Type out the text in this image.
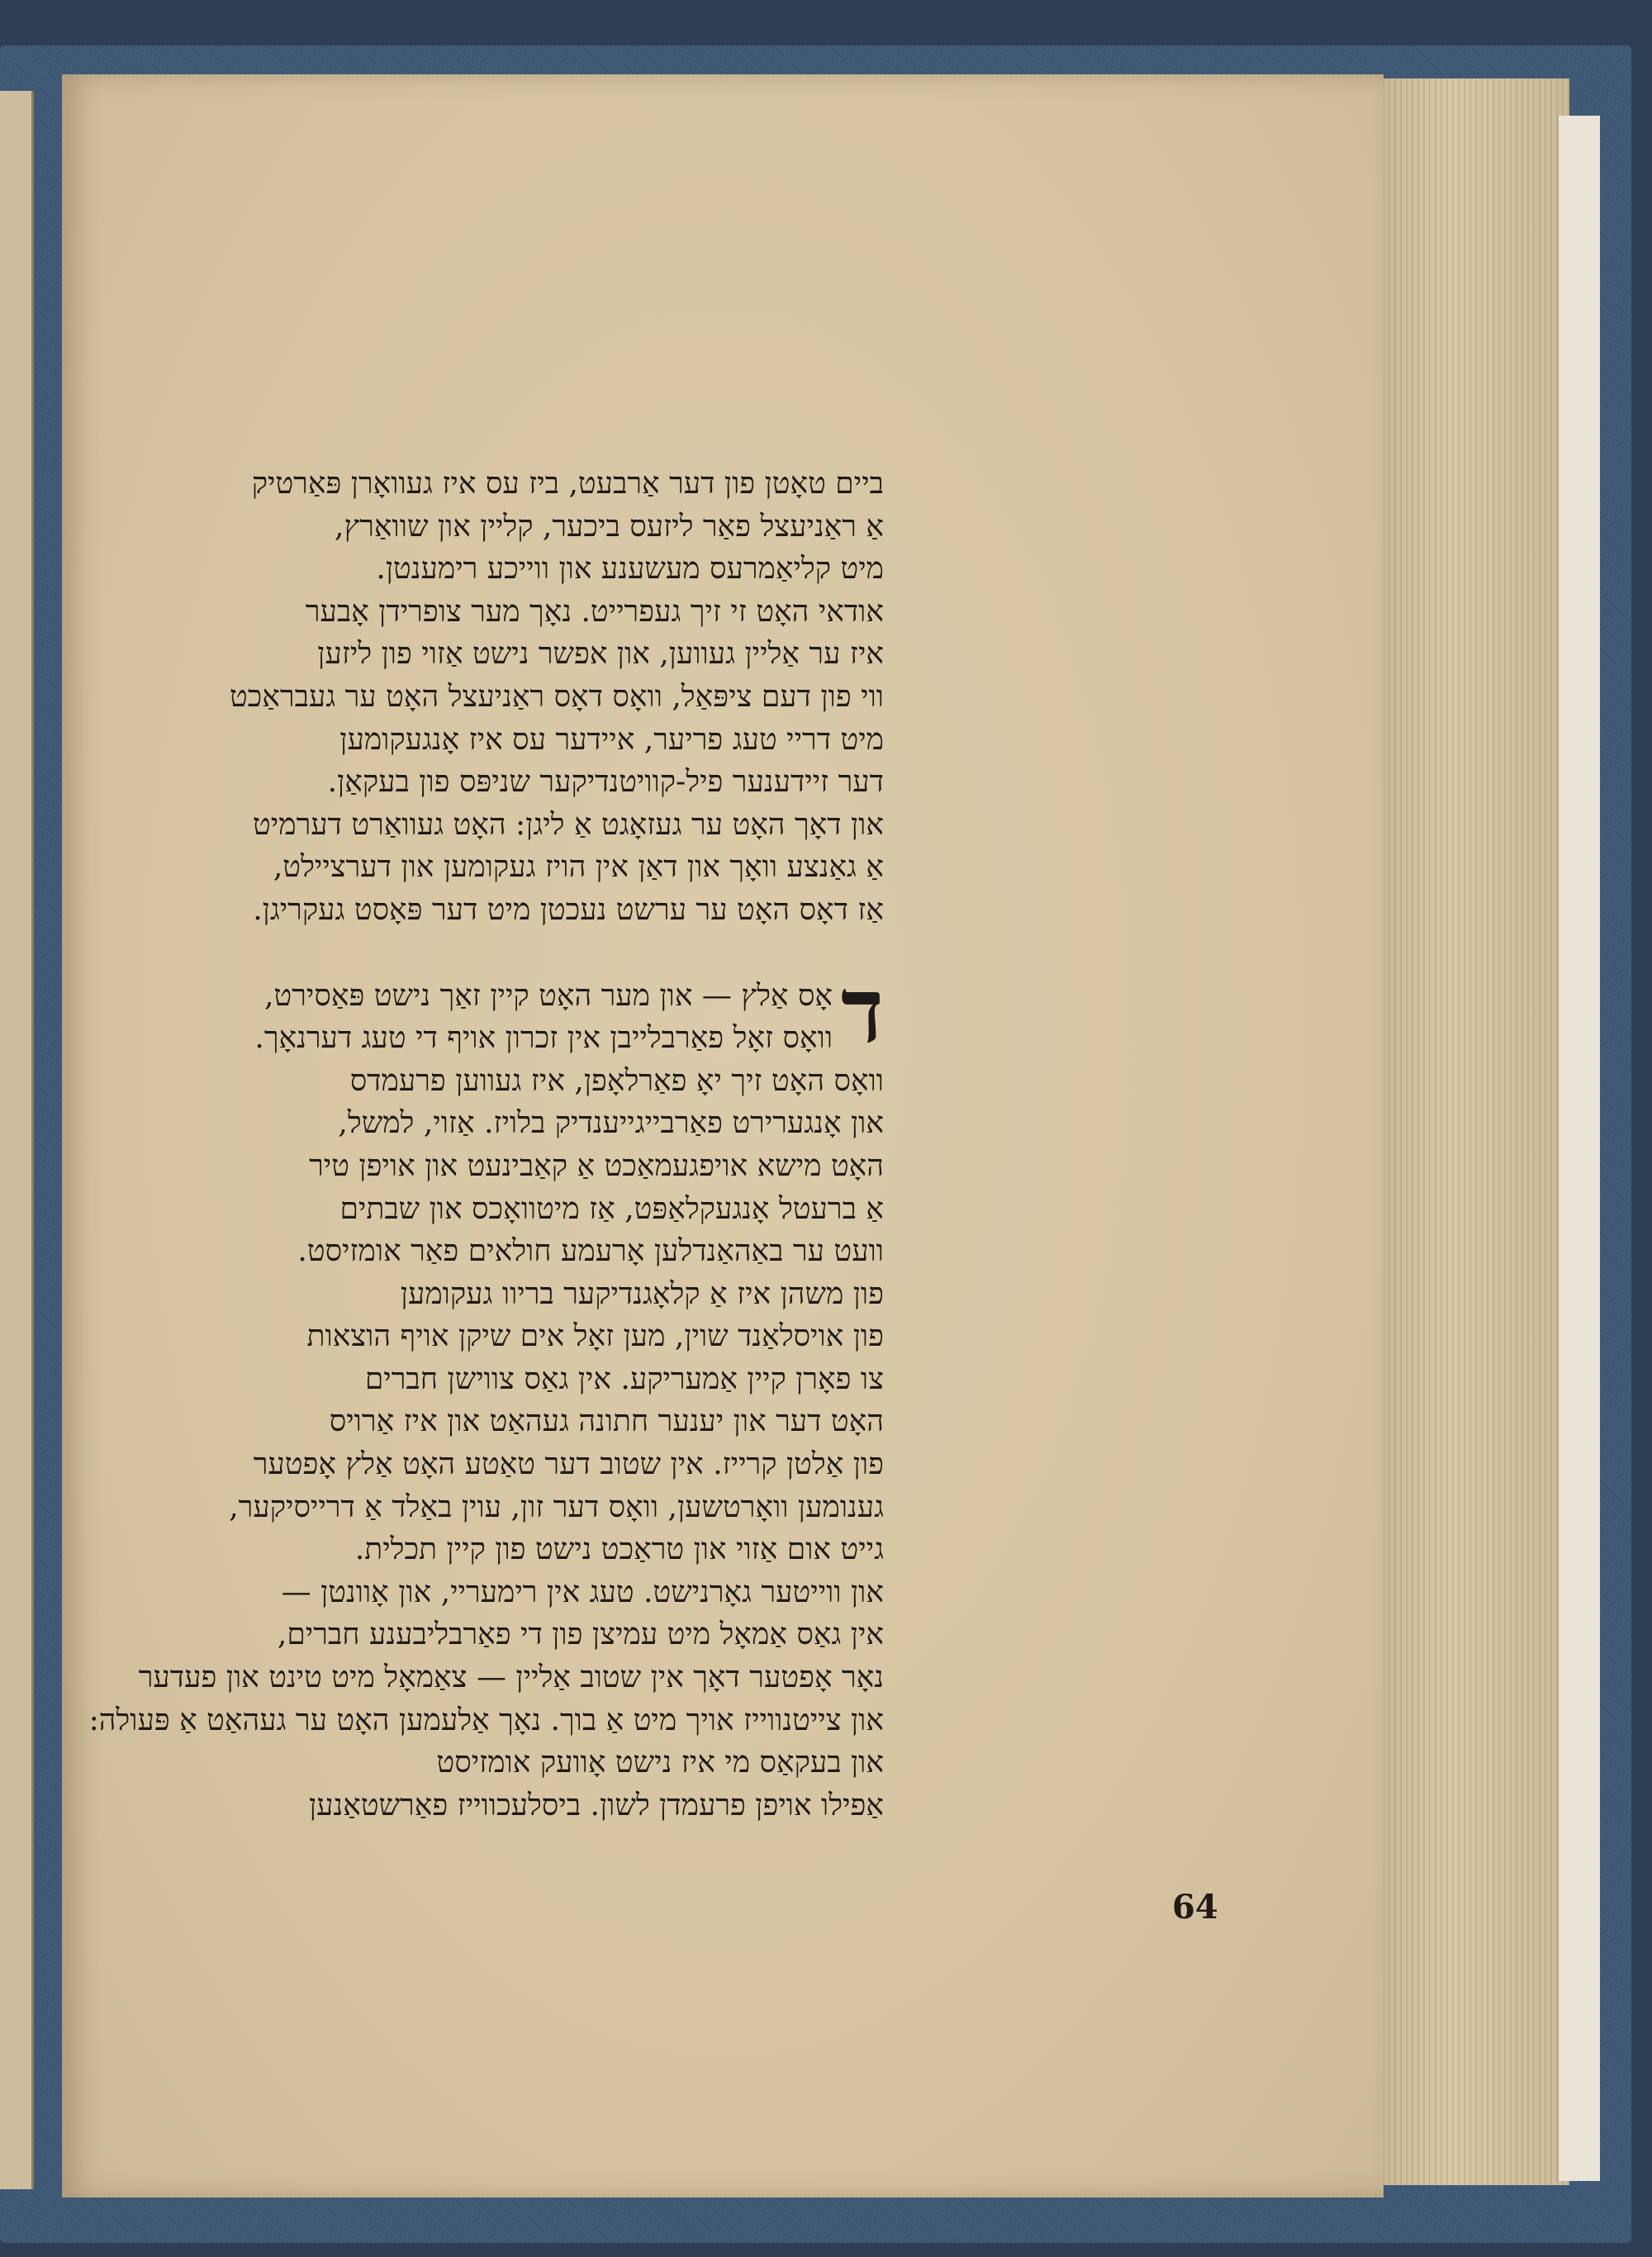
ביים טאָטן פון דער אַרבעט, ביז עס איז געוואָרן פּאַרטיק
אַ ראַניעצל פאַר ליזעס ביכער, קליין און שוואַרץ,
מיט קליאַמרעס מעשענע און ווייכע רימענטן.
אודאי האָט זי זיך געפרייט. נאָך מער צופרידן אָבער
איז ער אַליין געווען, און אפשר נישט אַזוי פון ליזען
ווי פון דעם ציפּאַל, וואָס דאָס ראַניעצל האָט ער געבראַכט
מיט דריי טעג פריער, איידער עס איז אָנגעקומען
דער זיידענער פיל-קוויטנדיקער שניפּס פון בעקאַן.
און דאָך האָט ער געזאָגט אַ ליגן: האָט געוואַרט דערמיט
אַ גאַנצע וואָך און דאַן אין הויז געקומען און דערציילט,
אַז דאָס האָט ער ערשט נעכטן מיט דער פּאָסט געקריגן.
ד
אָס אַלץ — און מער האָט קיין זאַך נישט פּאַסירט,
וואָס זאָל פאַרבלייבן אין זכרון אויף די טעג דערנאָך.
וואָס האָט זיך יאָ פאַרלאָפן, איז געווען פרעמדס
און אָנגערירט פאַרבייגייענדיק בלויז. אַזוי, למשל,
האָט מישא אויפגעמאַכט אַ קאַבינעט און אויפן טיר
אַ ברעטל אָנגעקלאַפּט, אַז מיטוואָכס און שבתים
וועט ער באַהאַנדלען אָרעמע חולאים פאַר אומזיסט.
פון משהן איז אַ קלאָגנדיקער בריוו געקומען
פון אויסלאַנד שוין, מען זאָל אים שיקן אויף הוצאות
צו פאָרן קיין אַמעריקע. אין גאַס צווישן חברים
האָט דער און יענער חתונה געהאַט און איז אַרויס
פון אַלטן קרייז. אין שטוב דער טאַטע האָט אַלץ אָפטער
גענומען וואָרטשען, וואָס דער זון, עוין באַלד אַ דרייסיקער,
גייט אום אַזוי און טראַכט נישט פון קיין תכלית.
און ווייטער גאָרנישט. טעג אין רימעריי, און אָוונטן —
אין גאַס אַמאָל מיט עמיצן פון די פאַרבליבענע חברים,
נאָר אָפטער דאָך אין שטוב אַליין — צאַמאָל מיט טינט און פעדער
און צייטנווייז אויך מיט אַ בוך. נאָך אַלעמען האָט ער געהאַט אַ פּעולה:
און בעקאַס מי איז נישט אָוועק אומזיסט
אַפילו אויפן פרעמדן לשון. ביסלעכווייז פאַרשטאַנען
64
